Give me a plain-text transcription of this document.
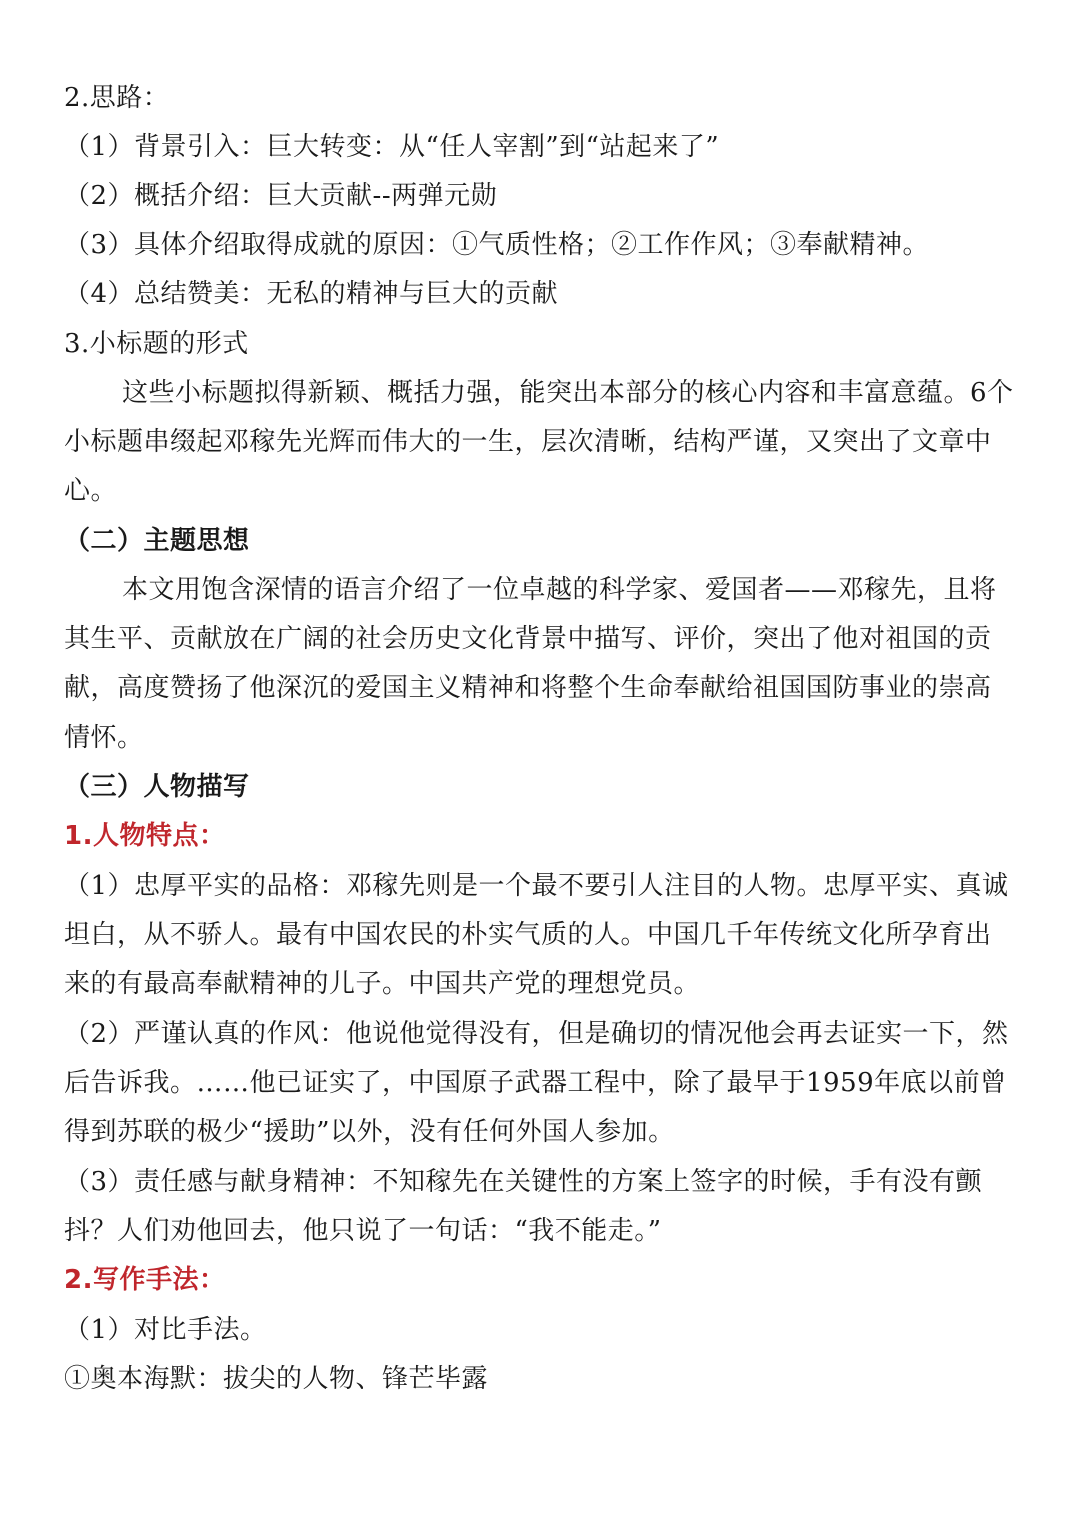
2.思路：
（1）背景引入：巨大转变：从“任人宰割”到“站起来了”
（2）概括介绍：巨大贡献--两弹元勋
（3）具体介绍取得成就的原因：①气质性格；②工作作风；③奉献精神。
（4）总结赞美：无私的精神与巨大的贡献
3.小标题的形式
这些小标题拟得新颖、概括力强，能突出本部分的核心内容和丰富意蕴。6个
小标题串缀起邓稼先光辉而伟大的一生，层次清晰，结构严谨，又突出了文章中
心。
（二）主题思想
本文用饱含深情的语言介绍了一位卓越的科学家、爱国者——邓稼先，且将
其生平、贡献放在广阔的社会历史文化背景中描写、评价，突出了他对祖国的贡
献，高度赞扬了他深沉的爱国主义精神和将整个生命奉献给祖国国防事业的崇高
情怀。
（三）人物描写
1.人物特点：
（1）忠厚平实的品格：邓稼先则是一个最不要引人注目的人物。忠厚平实、真诚
坦白，从不骄人。最有中国农民的朴实气质的人。中国几千年传统文化所孕育出
来的有最高奉献精神的儿子。中国共产党的理想党员。
（2）严谨认真的作风：他说他觉得没有，但是确切的情况他会再去证实一下，然
后告诉我。……他已证实了，中国原子武器工程中，除了最早于1959年底以前曾
得到苏联的极少“援助”以外，没有任何外国人参加。
（3）责任感与献身精神：不知稼先在关键性的方案上签字的时候，手有没有颤
抖？人们劝他回去，他只说了一句话：“我不能走。”
2.写作手法：
（1）对比手法。
①奥本海默：拔尖的人物、锋芒毕露
